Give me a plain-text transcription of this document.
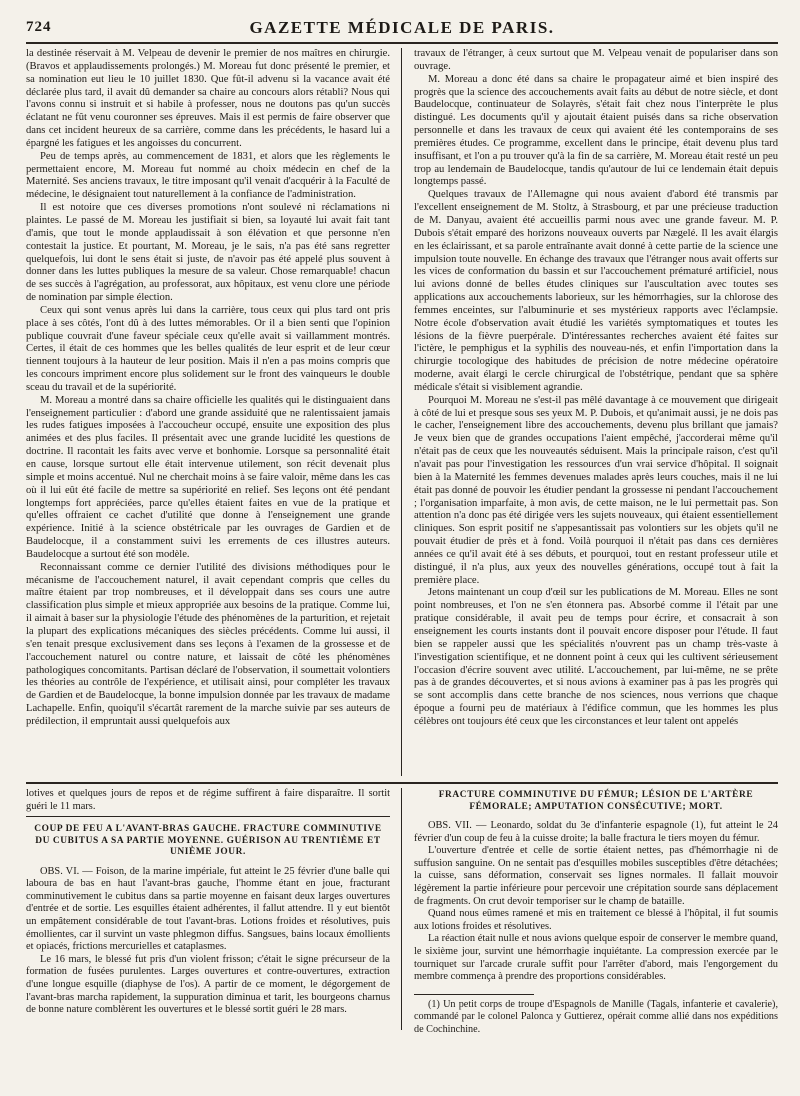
724	GAZETTE MÉDICALE DE PARIS.

la destinée réservait à M. Velpeau de devenir le premier de nos maîtres en chirurgie. (Bravos et applaudissements prolongés.) M. Moreau fut donc présenté le premier, et sa nomination eut lieu le 10 juillet 1830. Que fût-il advenu si la vacance avait été déclarée plus tard, il avait dû demander sa chaire au concours alors rétabli? Nous qui l'avons connu si instruit et si habile à professer, nous ne doutons pas qu'un succès éclatant ne fût venu couronner ses épreuves. Mais il est permis de faire observer que dans cet incident heureux de sa carrière, comme dans les précédents, le hasard lui a épargné les fatigues et les angoisses du concurrent.

Peu de temps après, au commencement de 1831, et alors que les règlements le permettaient encore, M. Moreau fut nommé au choix médecin en chef de la Maternité. Ses anciens travaux, le titre imposant qu'il venait d'acquérir à la Faculté de médecine, le désignaient tout naturellement à la confiance de l'administration.

Il est notoire que ces diverses promotions n'ont soulevé ni réclamations ni plaintes. Le passé de M. Moreau les justifiait si bien, sa loyauté lui avait fait tant d'amis, que tout le monde applaudissait à son élévation et que personne n'en contestait la justice. Et pourtant, M. Moreau, je le sais, n'a pas été sans regretter quelquefois, lui dont le sens était si juste, de n'avoir pas été appelé plus souvent à donner dans les luttes publiques la mesure de sa valeur. Chose remarquable! chacun de ses succès à l'agrégation, au professorat, aux hôpitaux, est venu clore une période de nomination par simple élection.

Ceux qui sont venus après lui dans la carrière, tous ceux qui plus tard ont pris place à ses côtés, l'ont dû à des luttes mémorables. Or il a bien senti que l'opinion publique couvrait d'une faveur spéciale ceux qu'elle avait si vaillamment montrés. Certes, il était de ces hommes que les belles qualités de leur esprit et de leur cœur tiennent toujours à la hauteur de leur position. Mais il n'en a pas moins compris que les concours impriment encore plus solidement sur le front des vainqueurs le double sceau du travail et de la supériorité.

M. Moreau a montré dans sa chaire officielle les qualités qui le distinguaient dans l'enseignement particulier : d'abord une grande assiduité que ne ralentissaient jamais les rudes fatigues imposées à l'accoucheur occupé, ensuite une exposition des plus animées et des plus faciles. Il présentait avec une grande lucidité les questions de doctrine. Il racontait les faits avec verve et bonhomie. Lorsque sa personnalité était en cause, lorsque surtout elle était intervenue utilement, son récit devenait plus simple et moins accentué. Nul ne cherchait moins à se faire valoir, même dans les cas où il lui eût été facile de mettre sa supériorité en relief. Ses leçons ont été pendant longtemps fort appréciées, parce qu'elles étaient faites en vue de la pratique et qu'elles offraient ce cachet d'utilité que donne à l'enseignement une grande expérience. Initié à la science obstétricale par les ouvrages de Gardien et de Baudelocque, il a constamment suivi les errements de ces illustres auteurs. Baudelocque a surtout été son modèle.

Reconnaissant comme ce dernier l'utilité des divisions méthodiques pour le mécanisme de l'accouchement naturel, il avait cependant compris que celles du maître étaient par trop nombreuses, et il développait dans ses cours une autre classification plus simple et mieux appropriée aux besoins de la pratique. Comme lui, il aimait à baser sur la physiologie l'étude des phénomènes de la parturition, et rejetait la plupart des explications mécaniques des siècles précédents. Comme lui aussi, il s'en tenait presque exclusivement dans ses leçons à l'examen de la grossesse et de l'accouchement naturel ou contre nature, et laissait de côté les phénomènes pathologiques concomitants. Partisan déclaré de l'observation, il soumettait volontiers les théories au contrôle de l'expérience, et utilisait ainsi, pour compléter les travaux de Gardien et de Baudelocque, la bonne impulsion donnée par les travaux de madame Lachapelle. Enfin, quoiqu'il s'écartât rarement de la marche suivie par ses auteurs de prédilection, il empruntait aussi quelquefois aux

travaux de l'étranger, à ceux surtout que M. Velpeau venait de populariser dans son ouvrage.

M. Moreau a donc été dans sa chaire le propagateur aimé et bien inspiré des progrès que la science des accouchements avait faits au début de notre siècle, et dont Baudelocque, continuateur de Solayrès, s'était fait chez nous l'interprète le plus distingué. Les documents qu'il y ajoutait étaient puisés dans sa riche observation personnelle et dans les travaux de ceux qui avaient été les contemporains de ses premières études. Ce programme, excellent dans le principe, était devenu plus tard insuffisant, et l'on a pu trouver qu'à la fin de sa carrière, M. Moreau était resté un peu trop au lendemain de Baudelocque, tandis qu'autour de lui ce lendemain était depuis longtemps passé.

Quelques travaux de l'Allemagne qui nous avaient d'abord été transmis par l'excellent enseignement de M. Stoltz, à Strasbourg, et par une précieuse traduction de M. Danyau, avaient été accueillis parmi nous avec une grande faveur. M. P. Dubois s'était emparé des horizons nouveaux ouverts par Nægelé. Il les avait élargis en les éclairissant, et sa parole entraînante avait donné à cette partie de la science une impulsion toute nouvelle. En échange des travaux que l'étranger nous avait offerts sur les vices de conformation du bassin et sur l'accouchement prématuré artificiel, nous lui avions donné de belles études cliniques sur l'auscultation avec toutes ses applications aux accouchements laborieux, sur les hémorrhagies, sur la chlorose des femmes enceintes, sur l'albuminurie et ses mystérieux rapports avec l'éclampsie. Notre école d'observation avait étudié les variétés symptomatiques et toutes les lésions de la fièvre puerpérale. D'intéressantes recherches avaient été faites sur l'ictère, le pemphigus et la syphilis des nouveau-nés, et enfin l'importation dans la chirurgie tocologique des habitudes de précision de notre médecine opératoire moderne, avait élargi le cercle chirurgical de l'obstétrique, pendant que sa sphère médicale s'était si visiblement agrandie.

Pourquoi M. Moreau ne s'est-il pas mêlé davantage à ce mouvement que dirigeait à côté de lui et presque sous ses yeux M. P. Dubois, et qu'animait aussi, je ne dois pas le cacher, l'enseignement libre des accouchements, devenu plus brillant que jamais? Je veux bien que de grandes occupations l'aient empêché, j'accorderai même qu'il n'était pas de ceux que les nouveautés séduisent. Mais la principale raison, c'est qu'il n'avait pas pour l'investigation les ressources d'un vrai service d'hôpital. Il soignait bien à la Maternité les femmes devenues malades après leurs couches, mais il ne lui était pas donné de pouvoir les étudier pendant la grossesse ni pendant l'accouchement ; l'organisation imparfaite, à mon avis, de cette maison, ne le lui permettait pas. Son attention n'a donc pas été dirigée vers les sujets nouveaux, qui étaient essentiellement cliniques. Son esprit positif ne s'appesantissait pas volontiers sur les objets qu'il ne pouvait étudier de près et à fond. Voilà pourquoi il n'était pas dans ces dernières années ce qu'il avait été à ses débuts, et pourquoi, tout en restant professeur utile et distingué, il n'a plus, aux yeux des nouvelles générations, occupé tout à fait la première place.

Jetons maintenant un coup d'œil sur les publications de M. Moreau. Elles ne sont point nombreuses, et l'on ne s'en étonnera pas. Absorbé comme il l'était par une pratique considérable, il avait peu de temps pour écrire, et consacrait à son enseignement les courts instants dont il pouvait encore disposer pour l'étude. Il faut bien se rappeler aussi que les spécialités n'ouvrent pas un champ très-vaste à l'investigation scientifique, et ne donnent point à ceux qui les cultivent sérieusement l'occasion d'écrire souvent avec utilité. L'accouchement, par lui-même, ne se prête pas à de grandes découvertes, et si nous avions à examiner pas à pas les progrès qui se sont accomplis dans cette branche de nos sciences, nous verrions que chaque époque a fourni peu de matériaux à l'édifice commun, que les hommes les plus célèbres ont toujours été ceux que les circonstances et leur talent ont appelés

lotives et quelques jours de repos et de régime suffirent à faire disparaître. Il sortit guéri le 11 mars.

COUP DE FEU A L'AVANT-BRAS GAUCHE. FRACTURE COMMINUTIVE DU CUBITUS A SA PARTIE MOYENNE. GUÉRISON AU TRENTIÈME ET UNIÈME JOUR.

OBS. VI. — Foison, de la marine impériale, fut atteint le 25 février d'une balle qui laboura de bas en haut l'avant-bras gauche, l'homme étant en joue, fracturant comminutivement le cubitus dans sa partie moyenne en faisant deux larges ouvertures d'entrée et de sortie. Les esquilles étaient adhérentes, il fallut attendre. Il y eut bientôt un empâtement considérable de tout l'avant-bras. Lotions froides et résolutives, puis émollientes, car il survint un vaste phlegmon diffus. Sangsues, bains locaux émollients et opiacés, frictions mercurielles et cataplasmes.

Le 16 mars, le blessé fut pris d'un violent frisson; c'était le signe précurseur de la formation de fusées purulentes. Larges ouvertures et contre-ouvertures, extraction d'une longue esquille (diaphyse de l'os). A partir de ce moment, le dégorgement de l'avant-bras marcha rapidement, la suppuration diminua et tarit, les bourgeons charnus de bonne nature comblèrent les ouvertures et le blessé sortit guéri le 28 mars.

FRACTURE COMMINUTIVE DU FÉMUR; LÉSION DE L'ARTÈRE FÉMORALE; AMPUTATION CONSÉCUTIVE; MORT.

OBS. VII. — Leonardo, soldat du 3e d'infanterie espagnole (1), fut atteint le 24 février d'un coup de feu à la cuisse droite; la balle fractura le tiers moyen du fémur.

L'ouverture d'entrée et celle de sortie étaient nettes, pas d'hémorrhagie ni de suffusion sanguine. On ne sentait pas d'esquilles mobiles susceptibles d'être détachées; la cuisse, sans déformation, conservait ses lignes normales. Il fallait mouvoir légèrement la partie inférieure pour percevoir une crépitation sourde sans déplacement de fragments. On crut devoir temporiser sur le champ de bataille.

Quand nous eûmes ramené et mis en traitement ce blessé à l'hôpital, il fut soumis aux lotions froides et résolutives.

La réaction était nulle et nous avions quelque espoir de conserver le membre quand, le sixième jour, survint une hémorrhagie inquiétante. La compression exercée par le tourniquet sur l'arcade crurale suffit pour l'arrêter d'abord, mais l'engorgement du membre commença à prendre des proportions considérables.

(1) Un petit corps de troupe d'Espagnols de Manille (Tagals, infanterie et cavalerie), commandé par le colonel Palonca y Guttierez, opérait comme allié dans nos expéditions de Cochinchine.
